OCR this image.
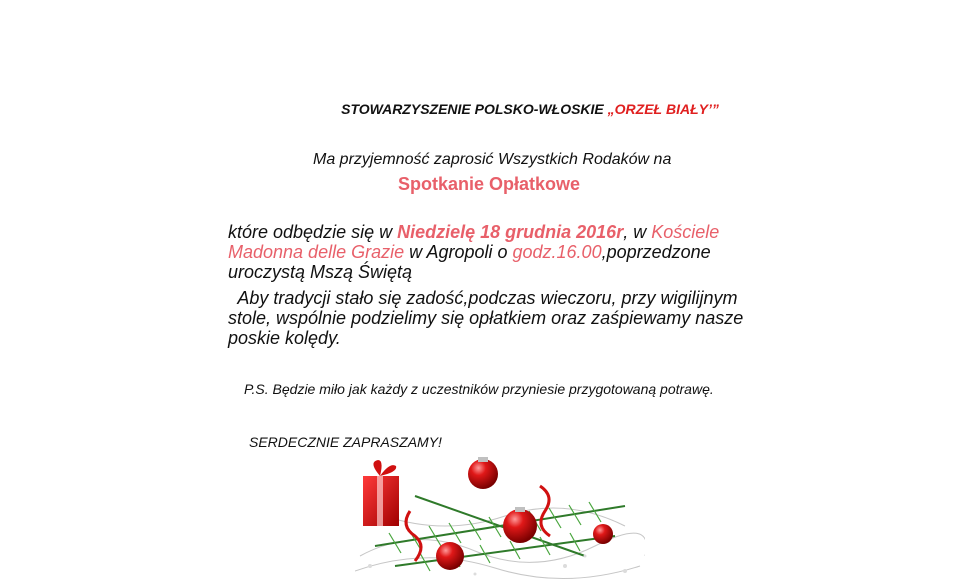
STOWARZYSZENIE POLSKO-WŁOSKIE „ORZEŁ BIAŁY’”
Ma przyjemność zaprosić Wszystkich Rodaków na
Spotkanie Opłatkowe
które odbędzie się w Niedzielę 18 grudnia 2016r, w Kościele
Madonna delle Grazie w Agropoli o godz.16.00,poprzedzone
uroczystą Mszą Świętą
Aby tradycji stało się zadość,podczas wieczoru, przy wigilijnym
stole, wspólnie podzielimy się opłatkiem oraz zaśpiewamy nasze
poskie kolędy.
P.S. Będzie miło jak każdy z uczestników przyniesie przygotowaną potrawę.
SERDECZNIE ZAPRASZAMY!
